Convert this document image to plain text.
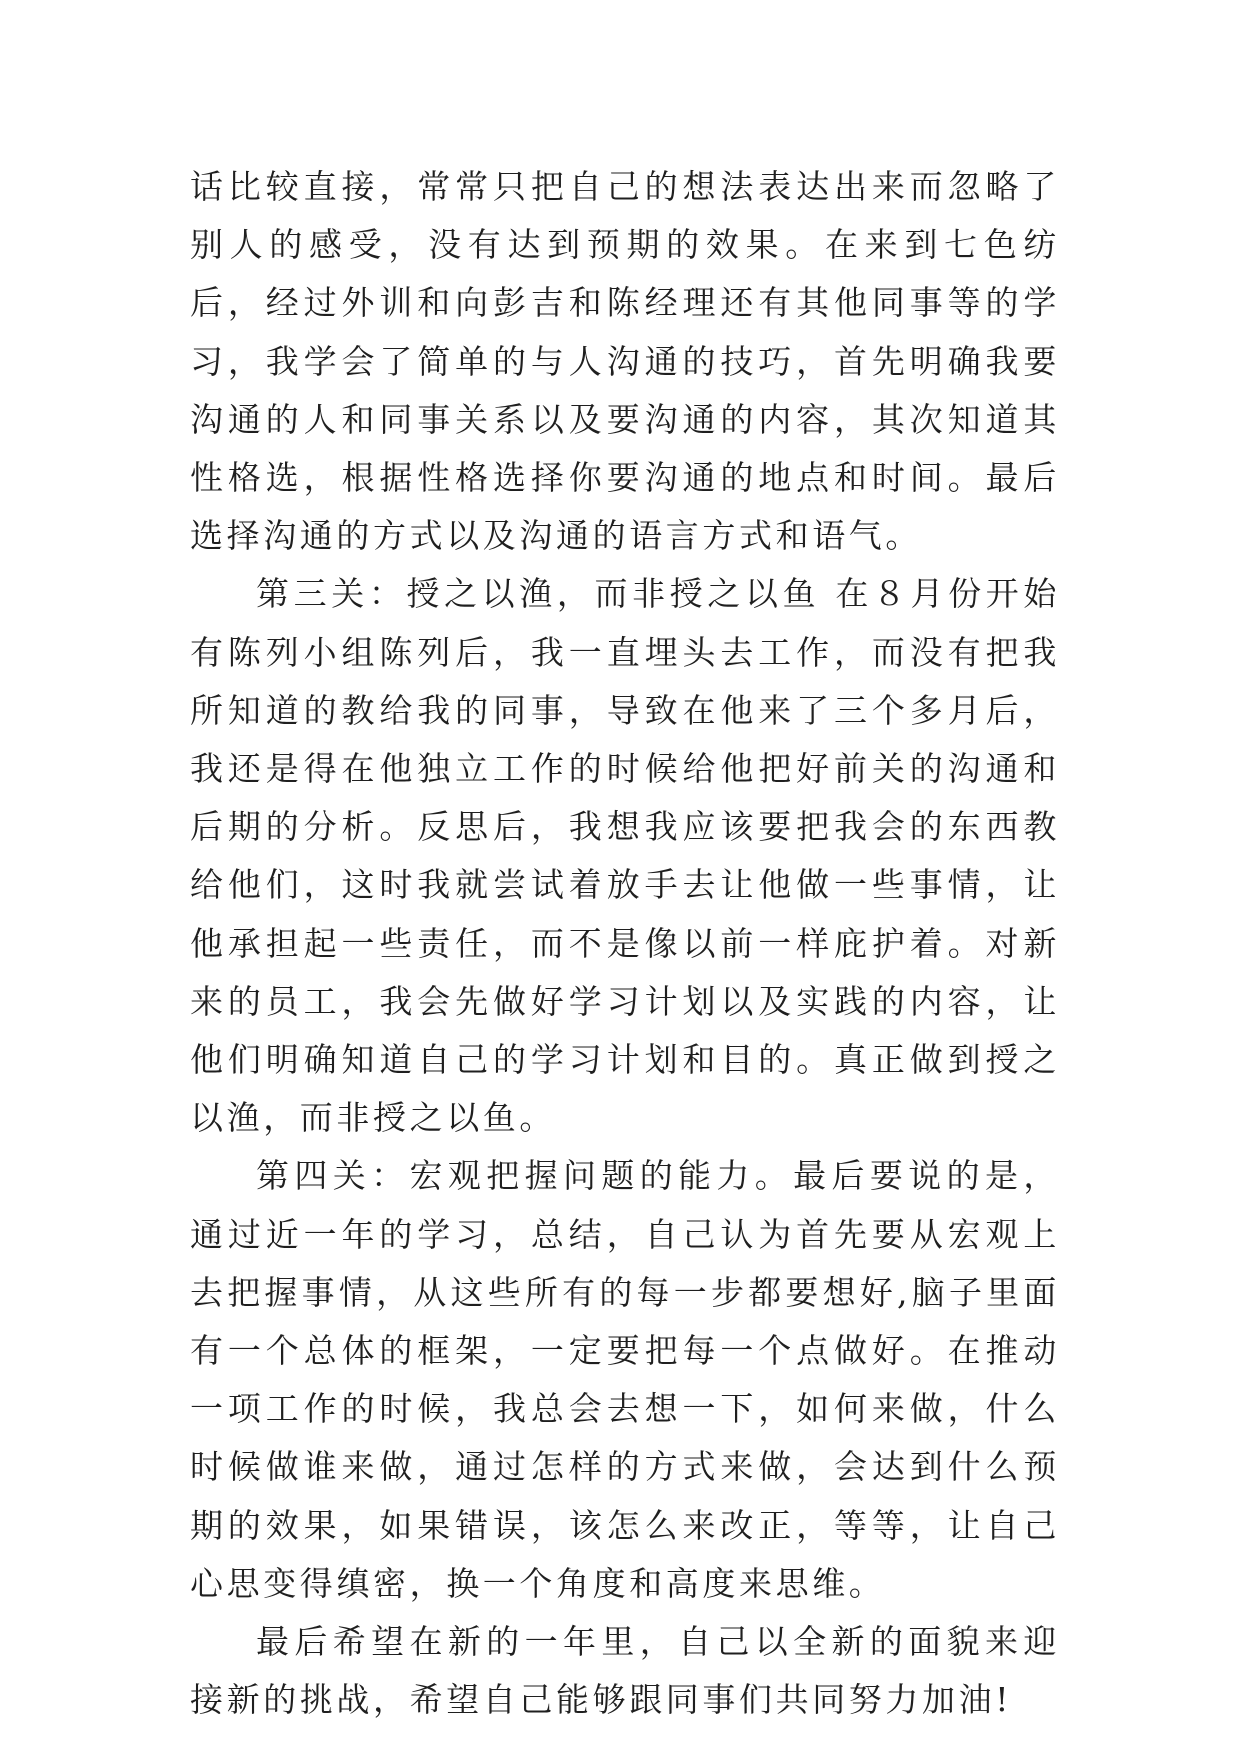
话比较直接，常常只把自己的想法表达出来而忽略了别人的感受，没有达到预期的效果。在来到七色纺后，经过外训和向彭吉和陈经理还有其他同事等的学习，我学会了简单的与人沟通的技巧，首先明确我要沟通的人和同事关系以及要沟通的内容，其次知道其性格选，根据性格选择你要沟通的地点和时间。最后选择沟通的方式以及沟通的语言方式和语气。

第三关：授之以渔，而非授之以鱼 在８月份开始有陈列小组陈列后，我一直埋头去工作，而没有把我所知道的教给我的同事，导致在他来了三个多月后，我还是得在他独立工作的时候给他把好前关的沟通和后期的分析。反思后，我想我应该要把我会的东西教给他们，这时我就尝试着放手去让他做一些事情，让他承担起一些责任，而不是像以前一样庇护着。对新来的员工，我会先做好学习计划以及实践的内容，让他们明确知道自己的学习计划和目的。真正做到授之以渔，而非授之以鱼。

第四关：宏观把握问题的能力。最后要说的是，通过近一年的学习，总结，自己认为首先要从宏观上去把握事情，从这些所有的每一步都要想好,脑子里面有一个总体的框架，一定要把每一个点做好。在推动一项工作的时候，我总会去想一下，如何来做，什么时候做谁来做，通过怎样的方式来做，会达到什么预期的效果，如果错误，该怎么来改正，等等，让自己心思变得缜密，换一个角度和高度来思维。

最后希望在新的一年里，自己以全新的面貌来迎接新的挑战，希望自己能够跟同事们共同努力加油!
